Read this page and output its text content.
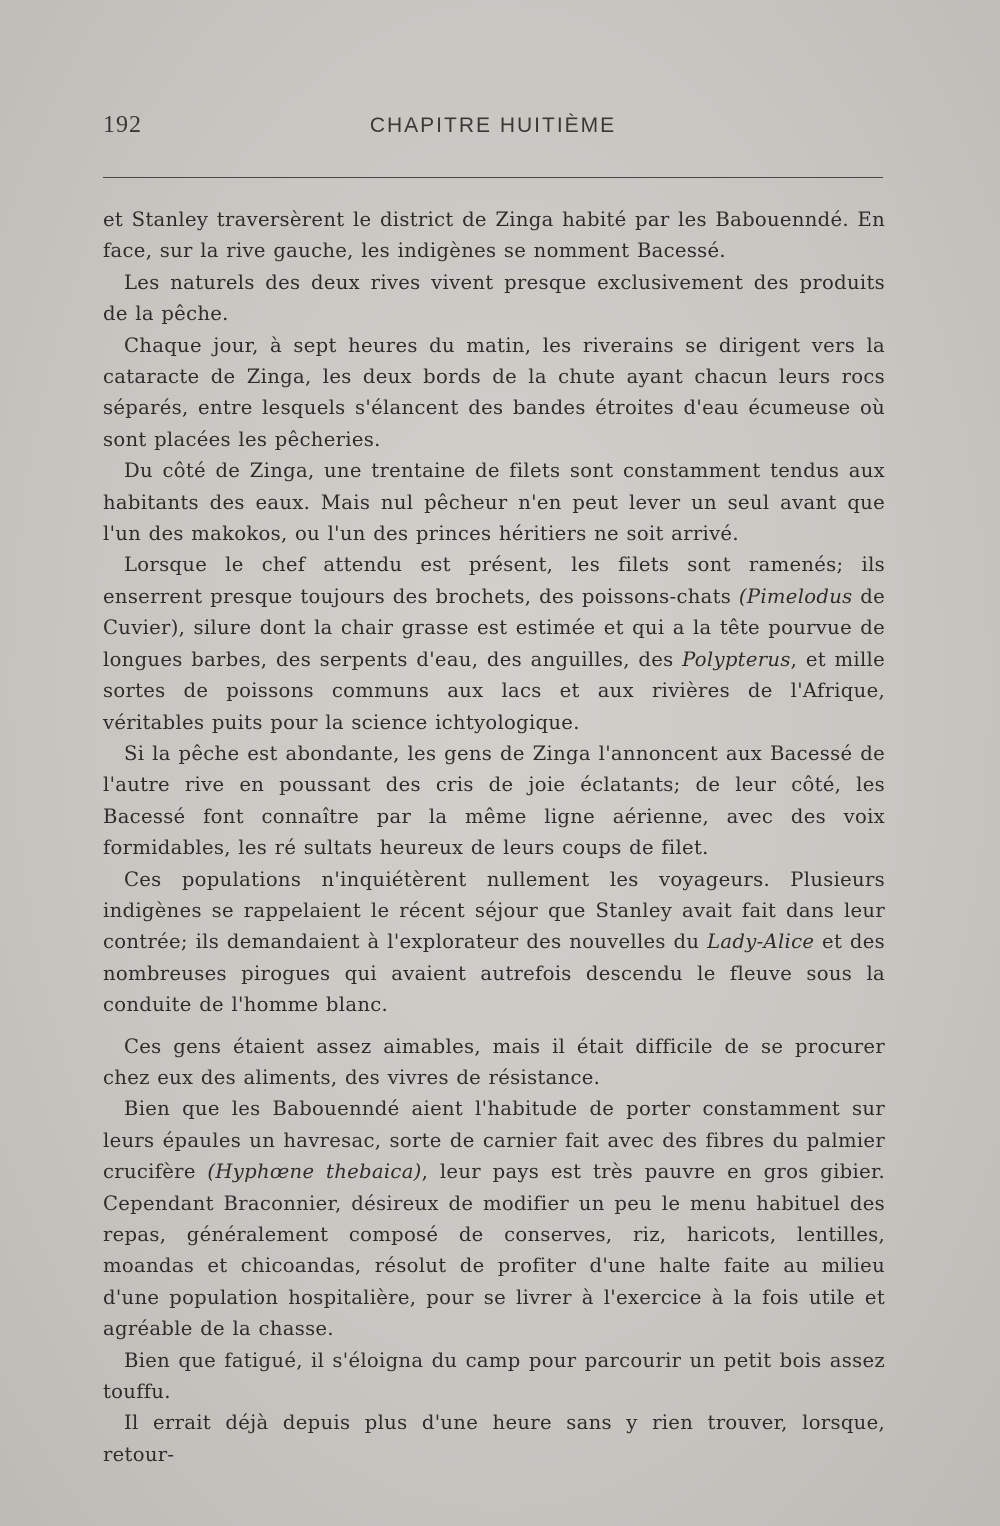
192	CHAPITRE HUITIÈME

et Stanley traversèrent le district de Zinga habité par les Babouenndé. En face, sur la rive gauche, les indigènes se nomment Bacessé.

Les naturels des deux rives vivent presque exclusivement des produits de la pêche.

Chaque jour, à sept heures du matin, les riverains se dirigent vers la cataracte de Zinga, les deux bords de la chute ayant chacun leurs rocs séparés, entre lesquels s'élancent des bandes étroites d'eau écumeuse où sont placées les pêcheries.

Du côté de Zinga, une trentaine de filets sont constamment tendus aux habitants des eaux. Mais nul pêcheur n'en peut lever un seul avant que l'un des makokos, ou l'un des princes héritiers ne soit arrivé.

Lorsque le chef attendu est présent, les filets sont ramenés; ils enserrent presque toujours des brochets, des poissons-chats (Pimelodus de Cuvier), silure dont la chair grasse est estimée et qui a la tête pourvue de longues barbes, des serpents d'eau, des anguilles, des Polypterus, et mille sortes de poissons communs aux lacs et aux rivières de l'Afrique, véritables puits pour la science ichtyologique.

Si la pêche est abondante, les gens de Zinga l'annoncent aux Bacessé de l'autre rive en poussant des cris de joie éclatants; de leur côté, les Bacessé font connaître par la même ligne aérienne, avec des voix formidables, les ré sultats heureux de leurs coups de filet.

Ces populations n'inquiétèrent nullement les voyageurs. Plusieurs indigènes se rappelaient le récent séjour que Stanley avait fait dans leur contrée; ils demandaient à l'explorateur des nouvelles du Lady-Alice et des nombreuses pirogues qui avaient autrefois descendu le fleuve sous la conduite de l'homme blanc.

Ces gens étaient assez aimables, mais il était difficile de se procurer chez eux des aliments, des vivres de résistance.

Bien que les Babouenndé aient l'habitude de porter constamment sur leurs épaules un havresac, sorte de carnier fait avec des fibres du palmier crucifère (Hyphœne thebaica), leur pays est très pauvre en gros gibier. Cependant Braconnier, désireux de modifier un peu le menu habituel des repas, généralement composé de conserves, riz, haricots, lentilles, moandas et chicoandas, résolut de profiter d'une halte faite au milieu d'une population hospitalière, pour se livrer à l'exercice à la fois utile et agréable de la chasse.

Bien que fatigué, il s'éloigna du camp pour parcourir un petit bois assez touffu.

Il errait déjà depuis plus d'une heure sans y rien trouver, lorsque, retour-
